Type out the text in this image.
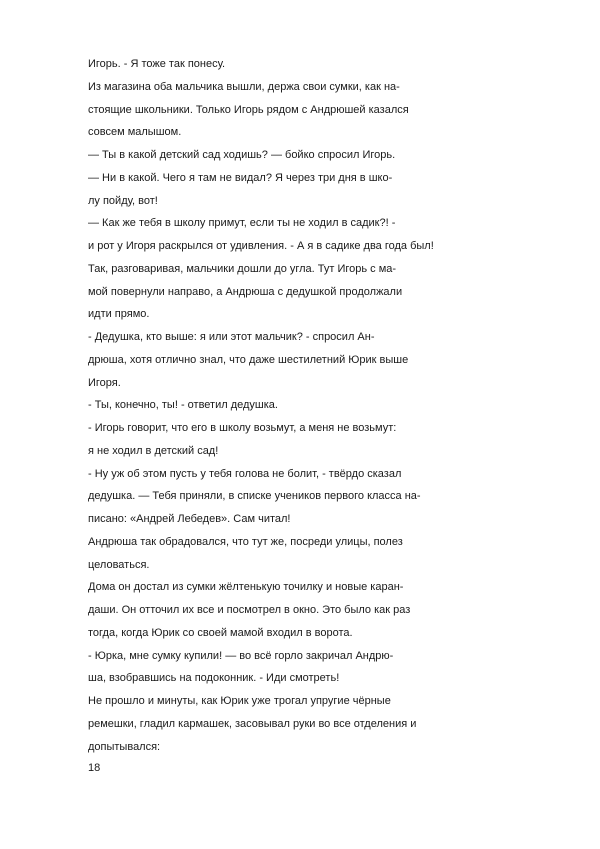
Игорь. - Я тоже так понесу.
Из магазина оба мальчика вышли, держа свои сумки, как на-
стоящие школьники. Только Игорь рядом с Андрюшей казался
совсем малышом.
— Ты в какой детский сад ходишь? — бойко спросил Игорь.
— Ни в какой. Чего я там не видал? Я через три дня в шко-
лу пойду, вот!
— Как же тебя в школу примут, если ты не ходил в садик?! -
и рот у Игоря раскрылся от удивления. - А я в садике два года был!
Так, разговаривая, мальчики дошли до угла. Тут Игорь с ма-
мой повернули направо, а Андрюша с дедушкой продолжали
идти прямо.
- Дедушка, кто выше: я или этот мальчик? - спросил Ан-
дрюша, хотя отлично знал, что даже шестилетний Юрик выше
Игоря.
- Ты, конечно, ты! - ответил дедушка.
- Игорь говорит, что его в школу возьмут, а меня не возьмут:
я не ходил в детский сад!
- Ну уж об этом пусть у тебя голова не болит, - твёрдо сказал
дедушка. — Тебя приняли, в списке учеников первого класса на-
писано: «Андрей Лебедев». Сам читал!
Андрюша так обрадовался, что тут же, посреди улицы, полез
целоваться.
Дома он достал из сумки жёлтенькую точилку и новые каран-
даши. Он отточил их все и посмотрел в окно. Это было как раз
тогда, когда Юрик со своей мамой входил в ворота.
- Юрка, мне сумку купили! — во всё горло закричал Андрю-
ша, взобравшись на подоконник. - Иди смотреть!
Не прошло и минуты, как Юрик уже трогал упругие чёрные
ремешки, гладил кармашек, засовывал руки во все отделения и
допытывался:
18
